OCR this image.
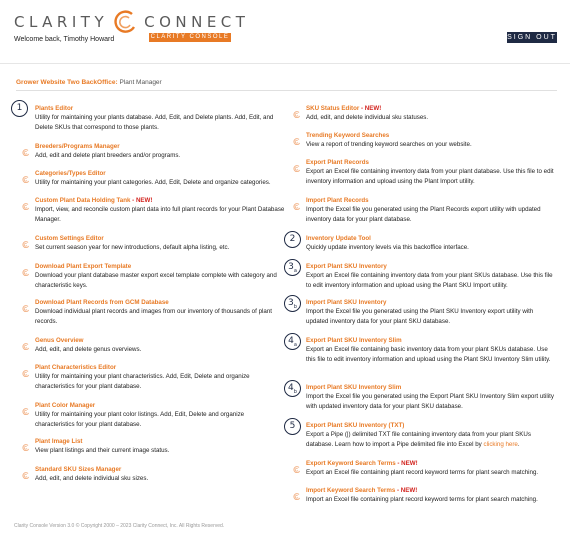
CLARITY CONNECT
CLARITY CONSOLE
Welcome back, Timothy Howard	SIGN OUT
Grower Website Two BackOffice: Plant Manager
Plants Editor
Utility for maintaining your plants database. Add, Edit, and Delete plants. Add, Edit, and Delete SKUs that correspond to those plants.
Breeders/Programs Manager
Add, edit and delete plant breeders and/or programs.
Categories/Types Editor
Utility for maintaining your plant categories. Add, Edit, Delete and organize categories.
Custom Plant Data Holding Tank - NEW!
Import, view, and reconcile custom plant data into full plant records for your Plant Database Manager.
Custom Settings Editor
Set current season year for new introductions, default alpha listing, etc.
Download Plant Export Template
Download your plant database master export excel template complete with category and characteristic keys.
Download Plant Records from GCM Database
Download individual plant records and images from our inventory of thousands of plant records.
Genus Overview
Add, edit, and delete genus overviews.
Plant Characteristics Editor
Utility for maintaining your plant characteristics. Add, Edit, Delete and organize characteristics for your plant database.
Plant Color Manager
Utility for maintaining your plant color listings. Add, Edit, Delete and organize characteristics for your plant database.
Plant Image List
View plant listings and their current image status.
Standard SKU Sizes Manager
Add, edit, and delete individual sku sizes.
SKU Status Editor - NEW!
Add, edit, and delete individual sku statuses.
Trending Keyword Searches
View a report of trending keyword searches on your website.
Export Plant Records
Export an Excel file containing inventory data from your plant database. Use this file to edit inventory information and upload using the Plant Import utility.
Import Plant Records
Import the Excel file you generated using the Plant Records export utility with updated inventory data for your plant database.
Inventory Update Tool
Quickly update inventory levels via this backoffice interface.
Export Plant SKU Inventory
Export an Excel file containing inventory data from your plant SKUs database. Use this file to edit inventory information and upload using the Plant SKU Import utility.
Import Plant SKU Inventory
Import the Excel file you generated using the Plant SKU Inventory export utility with updated inventory data for your plant SKU database.
Export Plant SKU Inventory Slim
Export an Excel file containing basic inventory data from your plant SKUs database. Use this file to edit inventory information and upload using the Plant SKU Inventory Slim utility.
Import Plant SKU Inventory Slim
Import the Excel file you generated using the Export Plant SKU Inventory Slim export utility with updated inventory data for your plant SKU database.
Export Plant SKU Inventory (TXT)
Export a Pipe (|) delimited TXT file containing inventory data from your plant SKUs database. Learn how to import a Pipe delimited file into Excel by clicking here.
Export Keyword Search Terms - NEW!
Export an Excel file containing plant record keyword terms for plant search matching.
Import Keyword Search Terms - NEW!
Import an Excel file containing plant record keyword terms for plant search matching.
1
2
$3_a$
$3_b$
$4_a$
$4_b$
5
Clarity Console Version 3.0 © Copyright 2000 – 2023 Clarity Connect, Inc. All Rights Reserved.
